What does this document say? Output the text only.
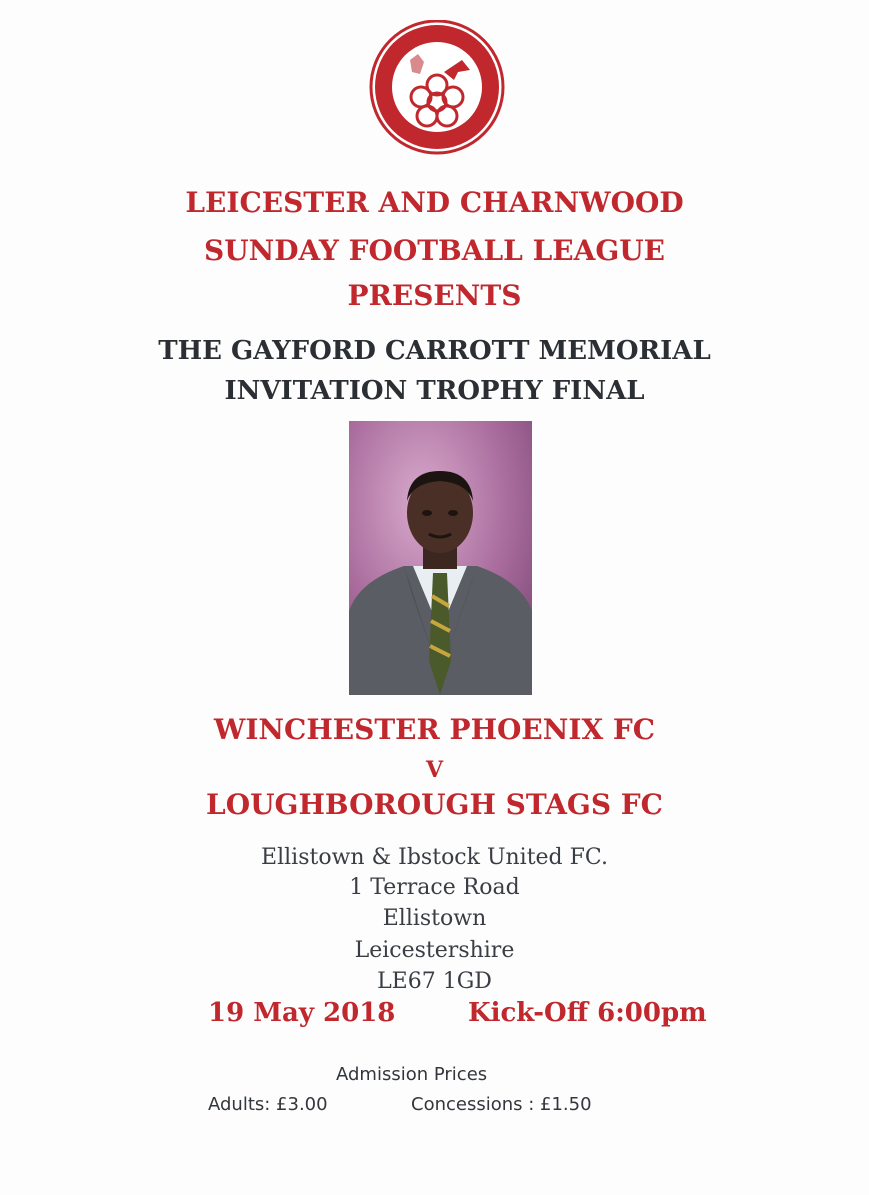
LEICESTER AND CHARNWOOD
SUNDAY FOOTBALL LEAGUE
PRESENTS
THE GAYFORD CARROTT MEMORIAL
INVITATION TROPHY FINAL
WINCHESTER PHOENIX FC
V
LOUGHBOROUGH STAGS FC
Ellistown & Ibstock United FC.
1 Terrace Road
Ellistown
Leicestershire
LE67 1GD
19 May 2018	Kick-Off 6:00pm
Admission Prices
Adults: £3.00	Concessions : £1.50
